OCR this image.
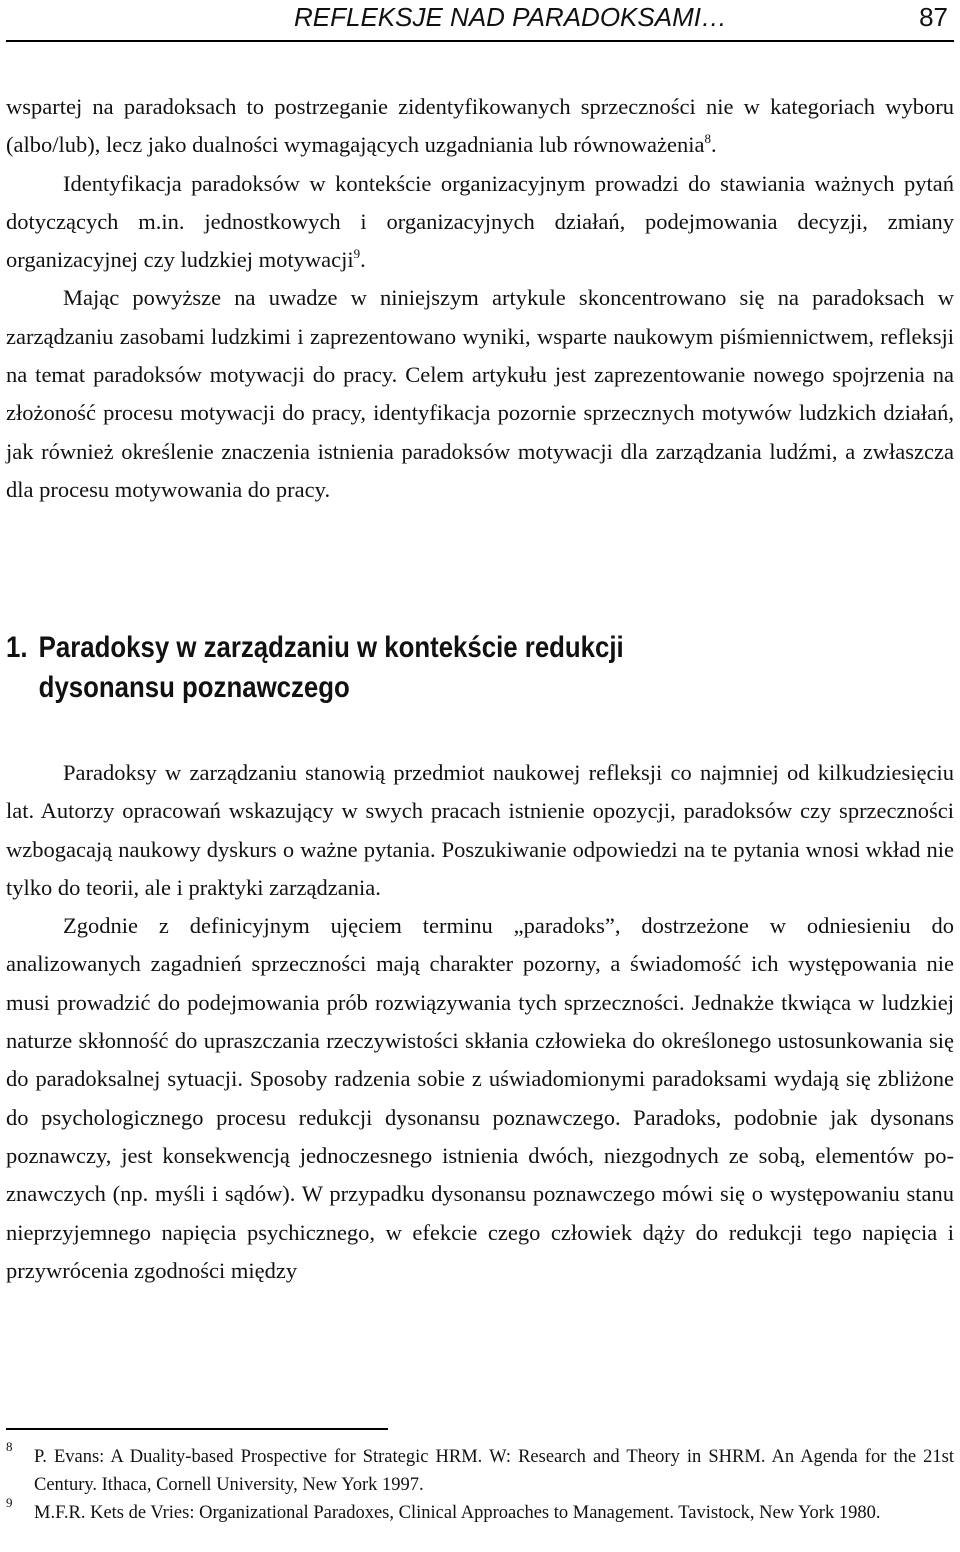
REFLEKSJE NAD PARADOKSAMI…	87

wspartej na paradoksach to postrzeganie zidentyfikowanych sprzeczności nie w kategoriach wyboru (albo/lub), lecz jako dualności wymagających uzgadniania lub równoważenia$^8$.

Identyfikacja paradoksów w kontekście organizacyjnym prowadzi do stawiania ważnych pytań dotyczących m.in. jednostkowych i organizacyjnych działań, podejmowania decyzji, zmiany organizacyjnej czy ludzkiej motywacji$^9$.

Mając powyższe na uwadze w niniejszym artykule skoncentrowano się na paradoksach w zarządzaniu zasobami ludzkimi i zaprezentowano wyniki, wsparte naukowym piśmiennictwem, refleksji na temat paradoksów motywacji do pracy. Celem artykułu jest zaprezentowanie nowego spojrzenia na złożoność procesu motywacji do pracy, identyfikacja pozornie sprzecznych motywów ludzkich działań, jak również określenie znaczenia istnienia paradoksów motywacji dla zarządzania ludźmi, a zwłaszcza dla procesu motywowania do pracy.

1. Paradoksy w zarządzaniu w kontekście redukcji
dysonansu poznawczego

Paradoksy w zarządzaniu stanowią przedmiot naukowej refleksji co najmniej od kilkudziesięciu lat. Autorzy opracowań wskazujący w swych pracach istnienie opozycji, paradoksów czy sprzeczności wzbogacają naukowy dyskurs o ważne pytania. Poszukiwanie odpowiedzi na te pytania wnosi wkład nie tylko do teorii, ale i praktyki zarządzania.

Zgodnie z definicyjnym ujęciem terminu „paradoks”, dostrzeżone w odniesieniu do analizowanych zagadnień sprzeczności mają charakter pozorny, a świadomość ich występowania nie musi prowadzić do podejmowania prób rozwiązywania tych sprzeczności. Jednakże tkwiąca w ludzkiej naturze skłonność do upraszczania rzeczywistości skłania człowieka do określonego ustosunkowania się do paradoksalnej sytuacji. Sposoby radzenia sobie z uświadomionymi paradoksami wydają się zbliżone do psychologicznego procesu redukcji dysonansu poznawczego. Paradoks, podobnie jak dysonans poznawczy, jest konsekwencją jednoczesnego istnienia dwóch, niezgodnych ze sobą, elementów poznawczych (np. myśli i sądów). W przypadku dysonansu poznawczego mówi się o występowaniu stanu nieprzyjemnego napięcia psychicznego, w efekcie czego człowiek dąży do redukcji tego napięcia i przywrócenia zgodności między

8
P. Evans: A Duality-based Prospective for Strategic HRM. W: Research and Theory in SHRM. An Agenda for the 21st Century. Ithaca, Cornell University, New York 1997.
9
M.F.R. Kets de Vries: Organizational Paradoxes, Clinical Approaches to Management. Tavistock, New York 1980.
